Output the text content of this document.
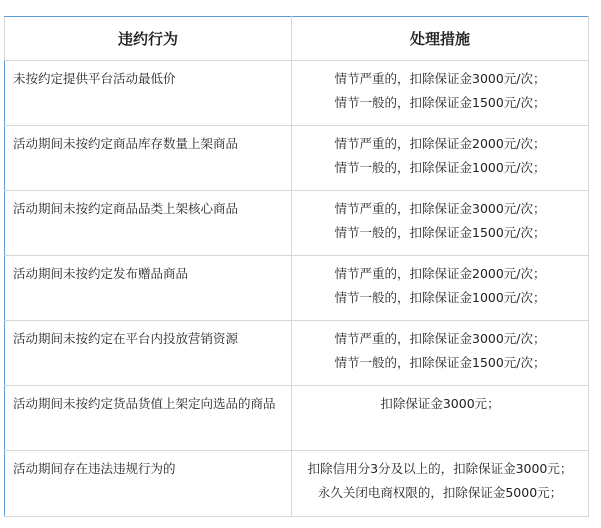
违约行为	处理措施

未按约定提供平台活动最低价	情节严重的，扣除保证金3000元/次；
情节一般的，扣除保证金1500元/次；

活动期间未按约定商品库存数量上架商品	情节严重的，扣除保证金2000元/次；
情节一般的，扣除保证金1000元/次；

活动期间未按约定商品品类上架核心商品	情节严重的，扣除保证金3000元/次；
情节一般的，扣除保证金1500元/次；

活动期间未按约定发布赠品商品	情节严重的，扣除保证金2000元/次；
情节一般的，扣除保证金1000元/次；

活动期间未按约定在平台内投放营销资源	情节严重的，扣除保证金3000元/次；
情节一般的，扣除保证金1500元/次；

活动期间未按约定货品货值上架定向选品的商品	扣除保证金3000元；

活动期间存在违法违规行为的	扣除信用分3分及以上的，扣除保证金3000元；
永久关闭电商权限的，扣除保证金5000元；
